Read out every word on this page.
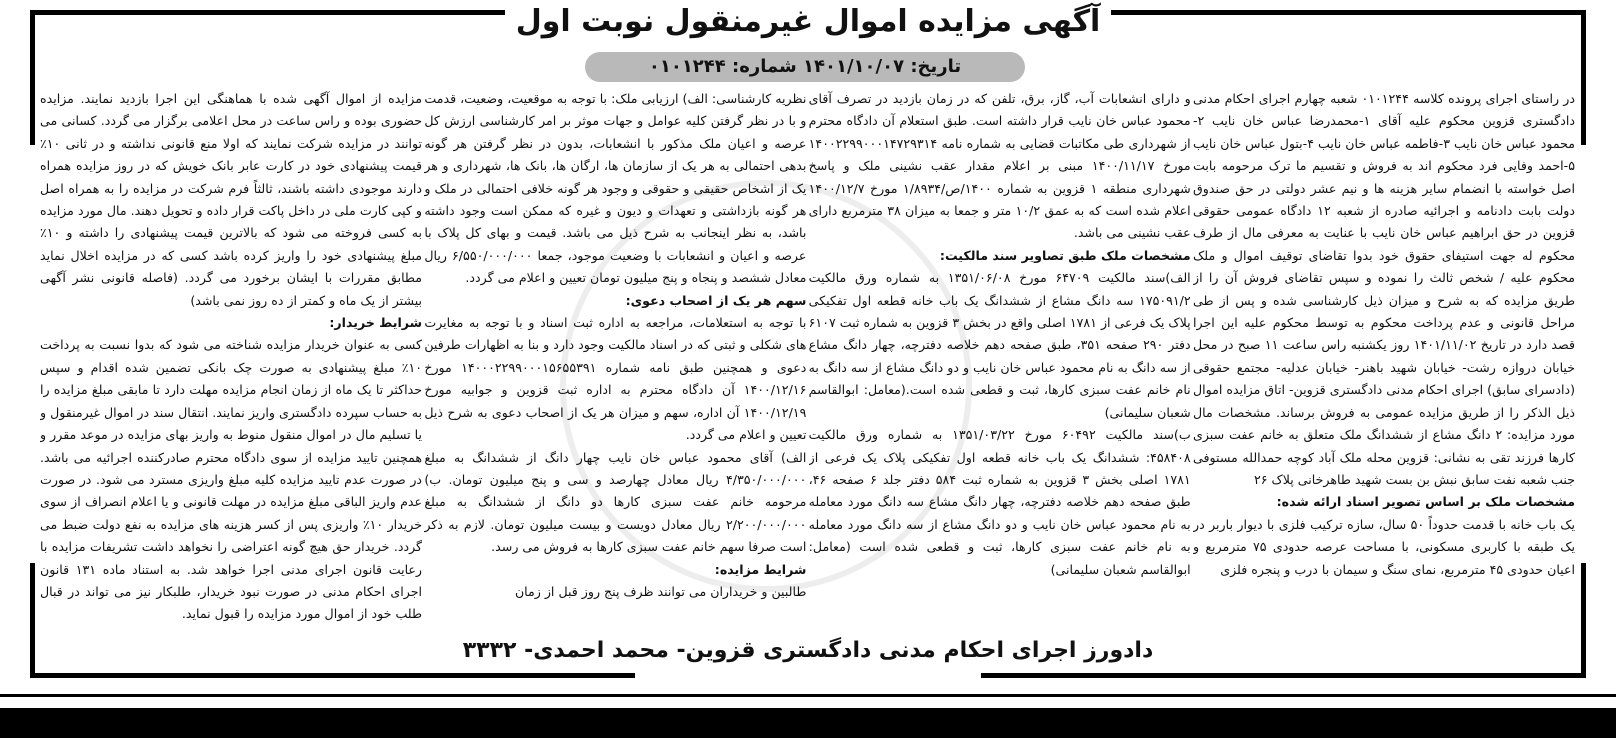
آگهی مزایده اموال غیرمنقول نوبت اول
تاریخ: ۱۴۰۱/۱۰/۰۷ شماره: ۰۱۰۱۲۴۴

در راستای اجرای پرونده کلاسه ۰۱۰۱۲۴۴ شعبه چهارم اجرای احکام مدنی دادگستری قزوین محکوم علیه آقای ۱-محمدرضا عباس خان نایب ۲-محمود عباس خان نایب ۳-فاطمه عباس خان نایب ۴-بتول عباس خان نایب ۵-احمد وفایی فرد محکوم اند به فروش و تقسیم ما ترک مرحومه بابت اصل خواسته با انضمام سایر هزینه ها و نیم عشر دولتی در حق صندوق دولت بابت دادنامه و اجرائیه صادره از شعبه ۱۲ دادگاه عمومی حقوقی قزوین در حق ابراهیم عباس خان نایب با عنایت به معرفی مال از طرف محکوم له جهت استیفای حقوق خود بدوا تقاضای توقیف اموال و ملک محکوم علیه / شخص ثالث را نموده و سپس تقاضای فروش آن را از طریق مزایده که به شرح و میزان ذیل کارشناسی شده و پس از طی مراحل قانونی و عدم پرداخت محکوم به توسط محکوم علیه این اجرا قصد دارد در تاریخ ۱۴۰۱/۱۱/۰۲ روز یکشنبه راس ساعت ۱۱ صبح در محل خیابان دروازه رشت- خیابان شهید باهنر- خیابان عدلیه- مجتمع حقوقی (دادسرای سابق) اجرای احکام مدنی دادگستری قزوین- اتاق مزایده اموال ذیل الذکر را از طریق مزایده عمومی به فروش برساند. مشخصات مال مورد مزایده: ۲ دانگ مشاع از ششدانگ ملک متعلق به خانم عفت سبزی کارها فرزند تقی به نشانی: قزوین محله ملک آباد کوچه حمدالله مستوفی جنب شعبه نفت سابق نبش بن بست شهید طاهرخانی پلاک ۲۶

مشخصات ملک بر اساس تصویر اسناد ارائه شده:

یک باب خانه با قدمت حدوداً ۵۰ سال، سازه ترکیب فلزی با دیوار باربر در یک طبقه با کاربری مسکونی، با مساحت عرصه حدودی ۷۵ مترمربع و اعیان حدودی ۴۵ مترمربع، نمای سنگ و سیمان با درب و پنجره فلزی

و دارای انشعابات آب، گاز، برق، تلفن که در زمان بازدید در تصرف آقای محمود عباس خان نایب قرار داشته است. طبق استعلام آن دادگاه محترم از شهرداری طی مکاتبات قضایی به شماره نامه ۱۴۰۰۲۲۹۹۰۰۰۱۴۷۲۹۳۱۴ مورخ ۱۴۰۰/۱۱/۱۷ مبنی بر اعلام مقدار عقب نشینی ملک و پاسخ شهرداری منطقه ۱ قزوین به شماره ۱۴۰۰/ص/۱/۸۹۳۴ مورخ ۱۴۰۰/۱۲/۷ اعلام شده است که به عمق ۱۰/۲ متر و جمعا به میزان ۳۸ مترمربع دارای عقب نشینی می باشد.

مشخصات ملک طبق تصاویر سند مالکیت:

الف)سند مالکیت ۶۴۷۰۹ مورخ ۱۳۵۱/۰۶/۰۸ به شماره ورق مالکیت ۱۷۵۰۹۱/۲ سه دانگ مشاع از ششدانگ یک باب خانه قطعه اول تفکیکی پلاک یک فرعی از ۱۷۸۱ اصلی واقع در بخش ۳ قزوین به شماره ثبت ۶۱۰۷ دفتر ۲۹۰ صفحه ۳۵۱، طبق صفحه دهم خلاصه دفترچه، چهار دانگ مشاع از سه دانگ به نام محمود عباس خان نایب و دو دانگ مشاع از سه دانگ به نام خانم عفت سبزی کارها، ثبت و قطعی شده است.(معامل: ابوالقاسم شعبان سلیمانی)

ب)سند مالکیت ۶۰۴۹۲ مورخ ۱۳۵۱/۰۳/۲۲ به شماره ورق مالکیت ۴۵۸۴۰۸: ششدانگ یک باب خانه قطعه اول تفکیکی پلاک یک فرعی از ۱۷۸۱ اصلی بخش ۳ قزوین به شماره ثبت ۵۸۴ دفتر جلد ۶ صفحه ۴۶، طبق صفحه دهم خلاصه دفترچه، چهار دانگ مشاع سه دانگ مورد معامله به نام محمود عباس خان نایب و دو دانگ مشاع از سه دانگ مورد معامله به نام خانم عفت سبزی کارها، ثبت و قطعی شده است (معامل: ابوالقاسم شعبان سلیمانی)

نظریه کارشناسی: الف) ارزیابی ملک: با توجه به موقعیت، وضعیت، قدمت و با در نظر گرفتن کلیه عوامل و جهات موثر بر امر کارشناسی ارزش کل عرصه و اعیان ملک مذکور با انشعابات، بدون در نظر گرفتن هر گونه بدهی احتمالی به هر یک از سازمان ها، ارگان ها، بانک ها، شهرداری و هر یک از اشخاص حقیقی و حقوقی و وجود هر گونه خلافی احتمالی در ملک و هر گونه بازداشتی و تعهدات و دیون و غیره که ممکن است وجود داشته باشد، به نظر اینجانب به شرح ذیل می باشد. قیمت و بهای کل پلاک با عرصه و اعیان و انشعابات با وضعیت موجود، جمعا ۶/۵۵۰/۰۰۰/۰۰۰ ریال معادل ششصد و پنجاه و پنج میلیون تومان تعیین و اعلام می گردد.

سهم هر یک از اصحاب دعوی:

با توجه به استعلامات، مراجعه به اداره ثبت اسناد و با توجه به مغایرت های شکلی و ثبتی که در اسناد مالکیت وجود دارد و بنا به اظهارات طرفین دعوی و همچنین طبق نامه شماره ۱۴۰۰۰۲۲۹۹۰۰۰۱۵۶۵۵۳۹۱ مورخ ۱۴۰۰/۱۲/۱۶ آن دادگاه محترم به اداره ثبت قزوین و جوابیه مورخ ۱۴۰۰/۱۲/۱۹ آن اداره، سهم و میزان هر یک از اصحاب دعوی به شرح ذیل تعیین و اعلام می گردد.

الف) آقای محمود عباس خان نایب چهار دانگ از ششدانگ به مبلغ ۴/۳۵۰/۰۰۰/۰۰۰ ریال معادل چهارصد و سی و پنج میلیون تومان. ب) مرحومه خانم عفت سبزی کارها دو دانگ از ششدانگ به مبلغ ۲/۲۰۰/۰۰۰/۰۰۰ ریال معادل دویست و بیست میلیون تومان. لازم به ذکر است صرفا سهم خانم عفت سبزی کارها به فروش می رسد.

شرایط مزایده:

طالبین و خریداران می توانند ظرف پنج روز قبل از زمان

مزایده از اموال آگهی شده با هماهنگی این اجرا بازدید نمایند. مزایده حضوری بوده و راس ساعت در محل اعلامی برگزار می گردد. کسانی می توانند در مزایده شرکت نمایند که اولا منع قانونی نداشته و در ثانی ۱۰٪ قیمت پیشنهادی خود در کارت عابر بانک خویش که در روز مزایده همراه دارند موجودی داشته باشند، ثالثاً فرم شرکت در مزایده را به همراه اصل و کپی کارت ملی در داخل پاکت قرار داده و تحویل دهند. مال مورد مزایده به کسی فروخته می شود که بالاترین قیمت پیشنهادی را داشته و ۱۰٪ مبلغ پیشنهادی خود را واریز کرده باشد کسی که در مزایده اخلال نماید مطابق مقررات با ایشان برخورد می گردد. (فاصله قانونی نشر آگهی بیشتر از یک ماه و کمتر از ده روز نمی باشد)

شرایط خریدار:

کسی به عنوان خریدار مزایده شناخته می شود که بدوا نسبت به پرداخت ۱۰٪ مبلغ پیشنهادی به صورت چک بانکی تضمین شده اقدام و سپس حداکثر تا یک ماه از زمان انجام مزایده مهلت دارد تا مابقی مبلغ مزایده را به حساب سپرده دادگستری واریز نمایند. انتقال سند در اموال غیرمنقول و یا تسلیم مال در اموال منقول منوط به واریز بهای مزایده در موعد مقرر و همچنین تایید مزایده از سوی دادگاه محترم صادرکننده اجرائیه می باشد. در صورت عدم تایید مزایده کلیه مبلغ واریزی مسترد می شود. در صورت عدم واریز الباقی مبلغ مزایده در مهلت قانونی و یا اعلام انصراف از سوی خریدار ۱۰٪ واریزی پس از کسر هزینه های مزایده به نفع دولت ضبط می گردد. خریدار حق هیچ گونه اعتراضی را نخواهد داشت تشریفات مزایده با رعایت قانون اجرای مدنی اجرا خواهد شد. به استناد ماده ۱۳۱ قانون اجرای احکام مدنی در صورت نبود خریدار، طلبکار نیز می تواند در قبال طلب خود از اموال مورد مزایده را قبول نماید.

دادورز اجرای احکام مدنی دادگستری قزوین- محمد احمدی- ۳۳۳۲
